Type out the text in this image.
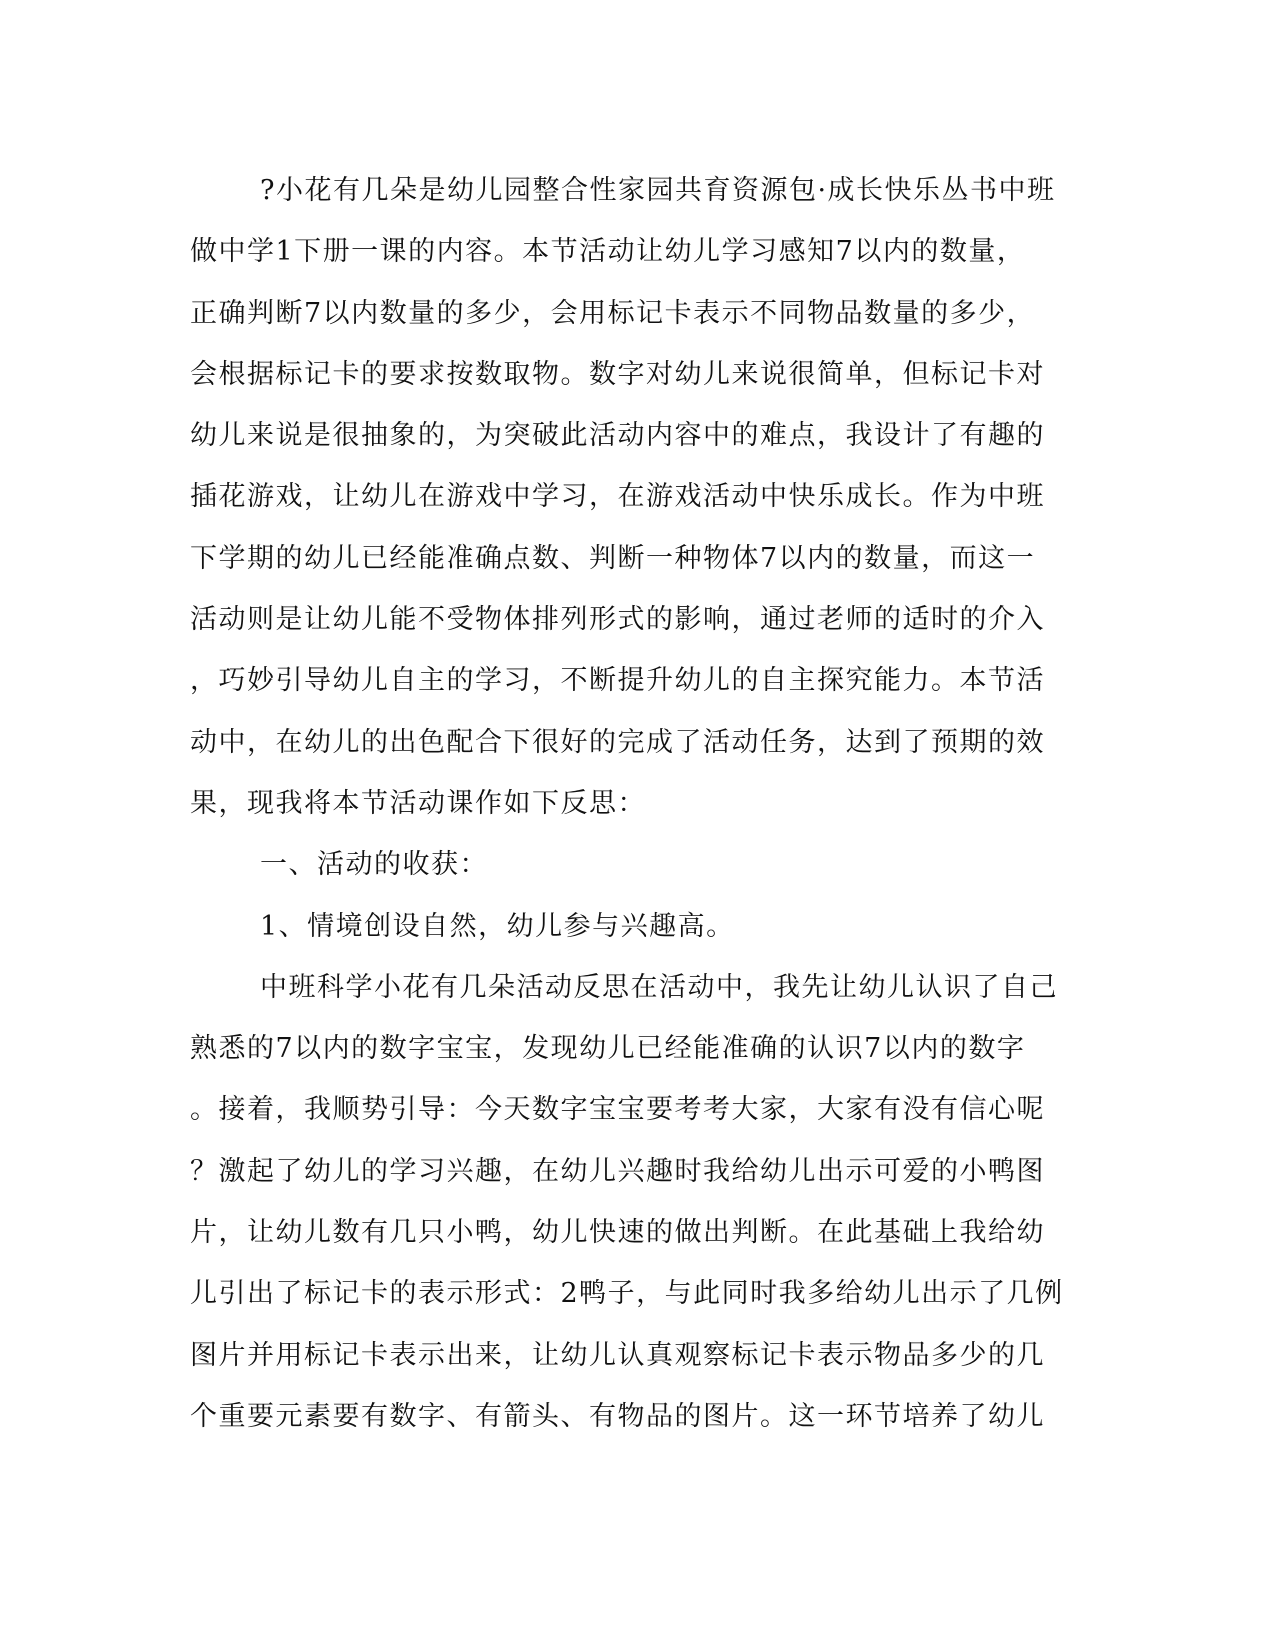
?小花有几朵是幼儿园整合性家园共育资源包·成长快乐丛书中班
做中学1下册一课的内容。本节活动让幼儿学习感知7以内的数量，
正确判断7以内数量的多少，会用标记卡表示不同物品数量的多少，
会根据标记卡的要求按数取物。数字对幼儿来说很简单，但标记卡对
幼儿来说是很抽象的，为突破此活动内容中的难点，我设计了有趣的
插花游戏，让幼儿在游戏中学习，在游戏活动中快乐成长。作为中班
下学期的幼儿已经能准确点数、判断一种物体7以内的数量，而这一
活动则是让幼儿能不受物体排列形式的影响，通过老师的适时的介入
，巧妙引导幼儿自主的学习，不断提升幼儿的自主探究能力。本节活
动中，在幼儿的出色配合下很好的完成了活动任务，达到了预期的效
果，现我将本节活动课作如下反思：
一、活动的收获：
1、情境创设自然，幼儿参与兴趣高。
中班科学小花有几朵活动反思在活动中，我先让幼儿认识了自己
熟悉的7以内的数字宝宝，发现幼儿已经能准确的认识7以内的数字
。接着，我顺势引导：今天数字宝宝要考考大家，大家有没有信心呢
？激起了幼儿的学习兴趣，在幼儿兴趣时我给幼儿出示可爱的小鸭图
片，让幼儿数有几只小鸭，幼儿快速的做出判断。在此基础上我给幼
儿引出了标记卡的表示形式：2鸭子，与此同时我多给幼儿出示了几例
图片并用标记卡表示出来，让幼儿认真观察标记卡表示物品多少的几
个重要元素要有数字、有箭头、有物品的图片。这一环节培养了幼儿
